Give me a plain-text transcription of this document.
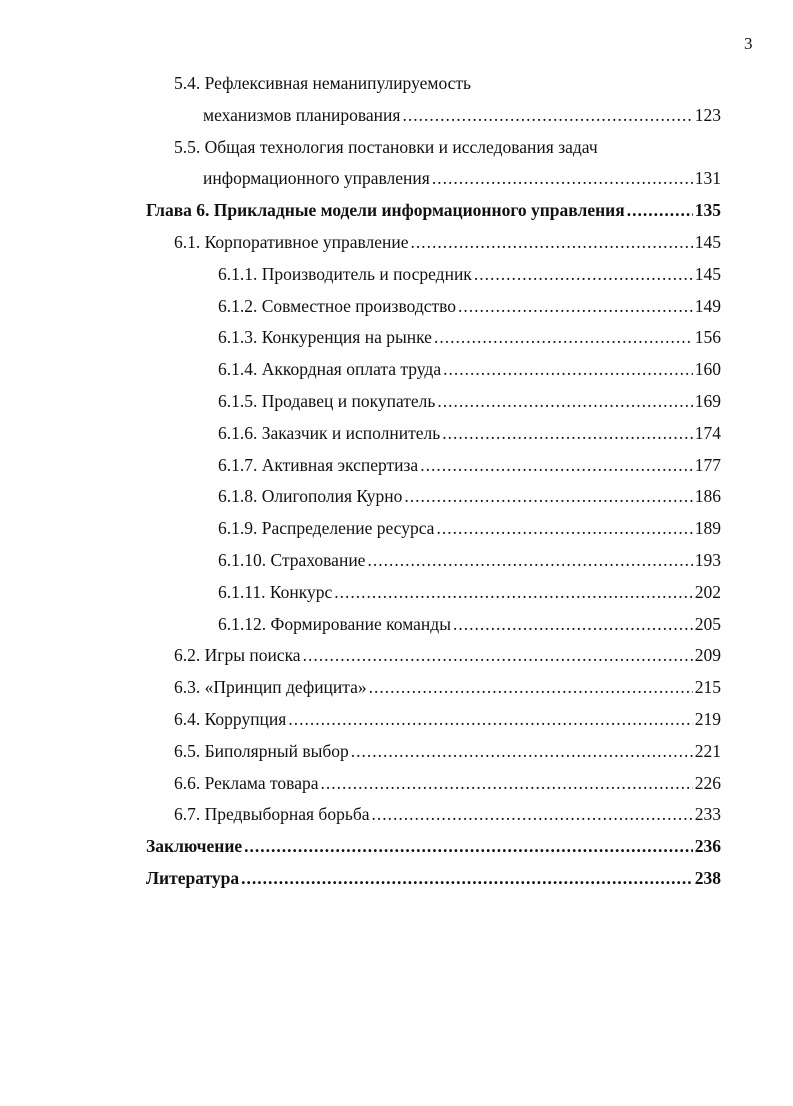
3
5.4. Рефлексивная неманипулируемость
механизмов планирования .....	123
5.5. Общая технология постановки и исследования задач
информационного управления .....	131
Глава 6. Прикладные модели информационного управления .....	135
6.1. Корпоративное управление .....	145
6.1.1. Производитель и посредник .....	145
6.1.2. Совместное производство .....	149
6.1.3. Конкуренция на рынке .....	156
6.1.4. Аккордная оплата труда .....	160
6.1.5. Продавец и покупатель .....	169
6.1.6. Заказчик и исполнитель .....	174
6.1.7. Активная экспертиза .....	177
6.1.8. Олигополия Курно .....	186
6.1.9. Распределение ресурса .....	189
6.1.10. Страхование .....	193
6.1.11. Конкурс .....	202
6.1.12. Формирование команды .....	205
6.2. Игры поиска .....	209
6.3. «Принцип дефицита» .....	215
6.4. Коррупция .....	219
6.5. Биполярный выбор .....	221
6.6. Реклама товара .....	226
6.7. Предвыборная борьба .....	233
Заключение .....	236
Литература .....	238
